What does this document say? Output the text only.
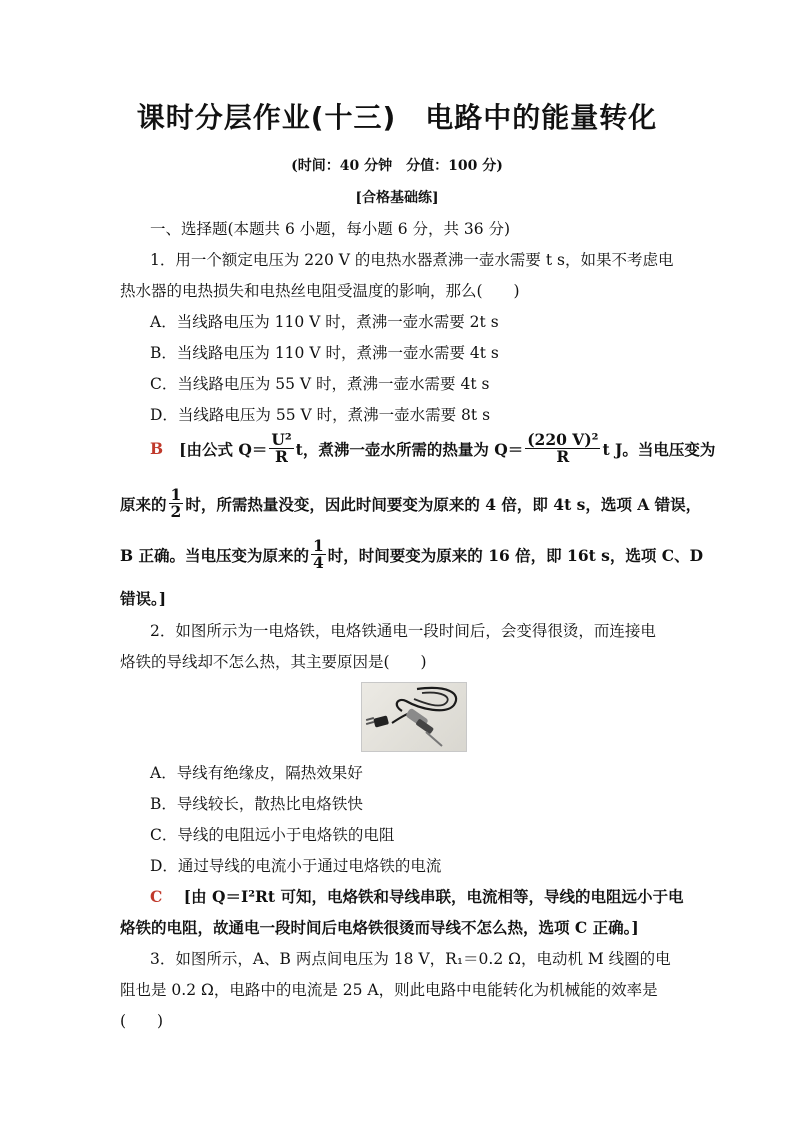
课时分层作业(十三)　电路中的能量转化
(时间：40 分钟　分值：100 分)
[合格基础练]
一、选择题(本题共 6 小题，每小题 6 分，共 36 分)
1．用一个额定电压为 220 V 的电热水器煮沸一壶水需要 t s，如果不考虑电
热水器的电热损失和电热丝电阻受温度的影响，那么(　　)
A．当线路电压为 110 V 时，煮沸一壶水需要 2t s
B．当线路电压为 110 V 时，煮沸一壶水需要 4t s
C．当线路电压为 55 V 时，煮沸一壶水需要 4t s
D．当线路电压为 55 V 时，煮沸一壶水需要 8t s
B [由公式 $Q= \frac{\text{U²}}{R}$ t，煮沸一壶水所需的热量为 $Q= \frac{\text{(220 V)²}}{R}$ t J。当电压变为
原来的 $\frac{1}{2}$ 时，所需热量没变，因此时间要变为原来的 4 倍，即 4t s，选项 A 错误，
B 正确。当电压变为原来的 $\frac{1}{4}$ 时，时间要变为原来的 16 倍，即 16t s，选项 C、D
错误。]
2．如图所示为一电烙铁，电烙铁通电一段时间后，会变得很烫，而连接电
烙铁的导线却不怎么热，其主要原因是(　　)
A．导线有绝缘皮，隔热效果好
B．导线较长，散热比电烙铁快
C．导线的电阻远小于电烙铁的电阻
D．通过导线的电流小于通过电烙铁的电流
C [由 Q＝I²Rt 可知，电烙铁和导线串联，电流相等，导线的电阻远小于电
烙铁的电阻，故通电一段时间后电烙铁很烫而导线不怎么热，选项 C 正确。]
3．如图所示，A、B 两点间电压为 18 V，R₁＝0.2 Ω，电动机 M 线圈的电
阻也是 0.2 Ω，电路中的电流是 25 A，则此电路中电能转化为机械能的效率是
(　　)
